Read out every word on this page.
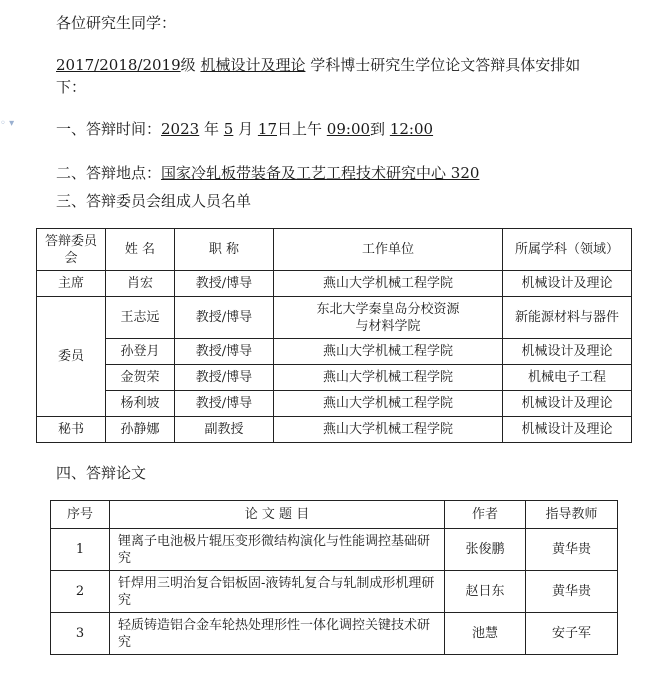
各位研究生同学：
2017/2018/2019级 机械设计及理论 学科博士研究生学位论文答辩具体安排如
下：
◦ ▾	一、答辩时间：2023 年 5 月 17日上午 09:00到 12:00
二、答辩地点：国家冷轧板带装备及工艺工程技术研究中心 320
三、答辩委员会组成人员名单
答辩委员会	姓 名	职 称	工作单位	所属学科（领域）
主席	肖宏	教授/博导	燕山大学机械工程学院	机械设计及理论
委员	王志远	教授/博导	东北大学秦皇岛分校资源与材料学院	新能源材料与器件
	孙登月	教授/博导	燕山大学机械工程学院	机械设计及理论
	金贺荣	教授/博导	燕山大学机械工程学院	机械电子工程
	杨利坡	教授/博导	燕山大学机械工程学院	机械设计及理论
秘书	孙静娜	副教授	燕山大学机械工程学院	机械设计及理论
四、答辩论文
序号	论 文 题 目	作者	指导教师
1	锂离子电池极片辊压变形微结构演化与性能调控基础研究	张俊鹏	黄华贵
2	钎焊用三明治复合铝板固-液铸轧复合与轧制成形机理研究	赵日东	黄华贵
3	轻质铸造铝合金车轮热处理形性一体化调控关键技术研究	池慧	安子军
